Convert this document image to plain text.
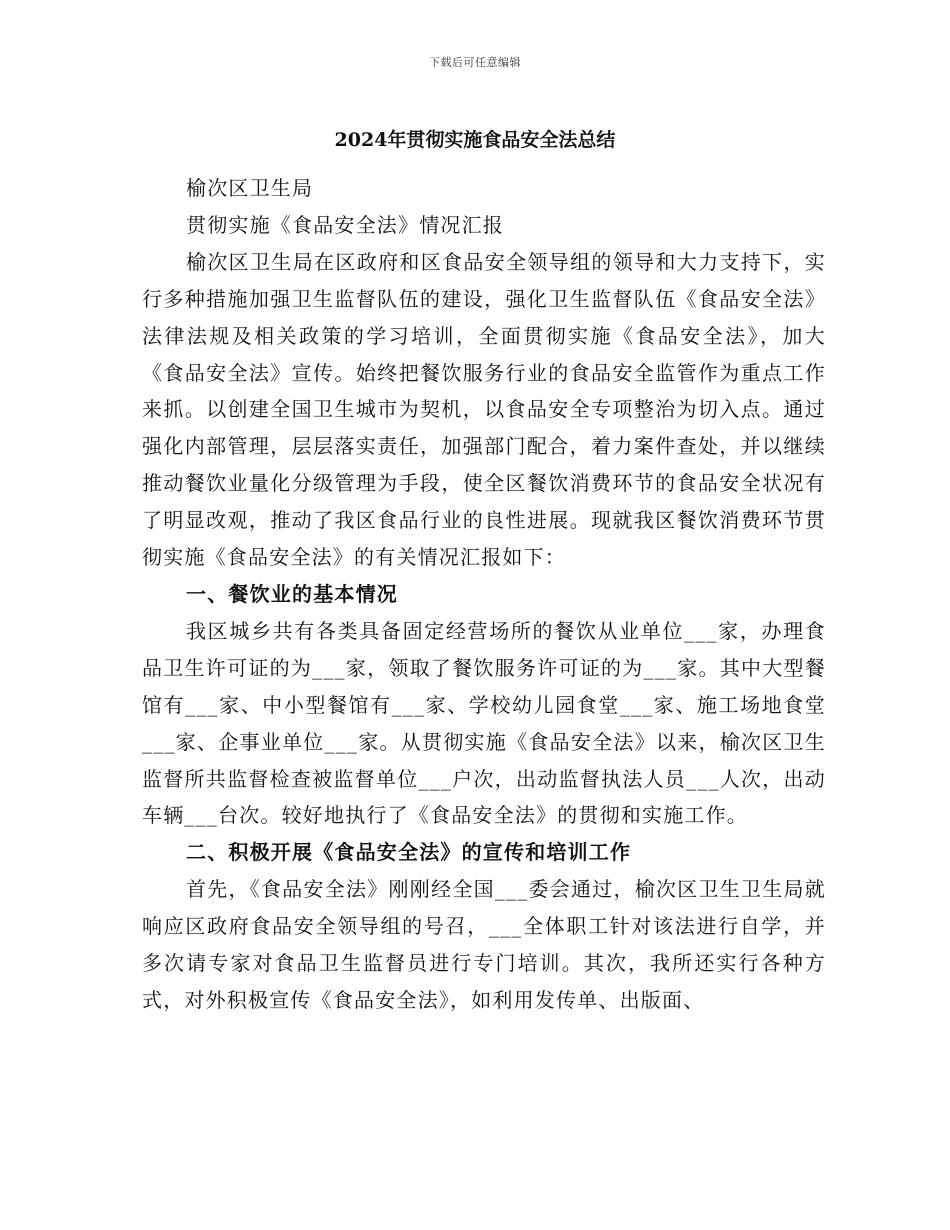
下载后可任意编辑
2024年贯彻实施食品安全法总结

榆次区卫生局

贯彻实施《食品安全法》情况汇报

榆次区卫生局在区政府和区食品安全领导组的领导和大力支持下，实行多种措施加强卫生监督队伍的建设，强化卫生监督队伍《食品安全法》法律法规及相关政策的学习培训，全面贯彻实施《食品安全法》，加大《食品安全法》宣传。始终把餐饮服务行业的食品安全监管作为重点工作来抓。以创建全国卫生城市为契机，以食品安全专项整治为切入点。通过强化内部管理，层层落实责任，加强部门配合，着力案件查处，并以继续推动餐饮业量化分级管理为手段，使全区餐饮消费环节的食品安全状况有了明显改观，推动了我区食品行业的良性进展。现就我区餐饮消费环节贯彻实施《食品安全法》的有关情况汇报如下：

一、餐饮业的基本情况

我区城乡共有各类具备固定经营场所的餐饮从业单位___家，办理食品卫生许可证的为___家，领取了餐饮服务许可证的为___家。其中大型餐馆有___家、中小型餐馆有___家、学校幼儿园食堂___家、施工场地食堂___家、企事业单位___家。从贯彻实施《食品安全法》以来，榆次区卫生监督所共监督检查被监督单位___户次，出动监督执法人员___人次，出动车辆___台次。较好地执行了《食品安全法》的贯彻和实施工作。

二、积极开展《食品安全法》的宣传和培训工作

首先，《食品安全法》刚刚经全国___委会通过，榆次区卫生卫生局就响应区政府食品安全领导组的号召，___全体职工针对该法进行自学，并多次请专家对食品卫生监督员进行专门培训。其次，我所还实行各种方式，对外积极宣传《食品安全法》，如利用发传单、出版面、
